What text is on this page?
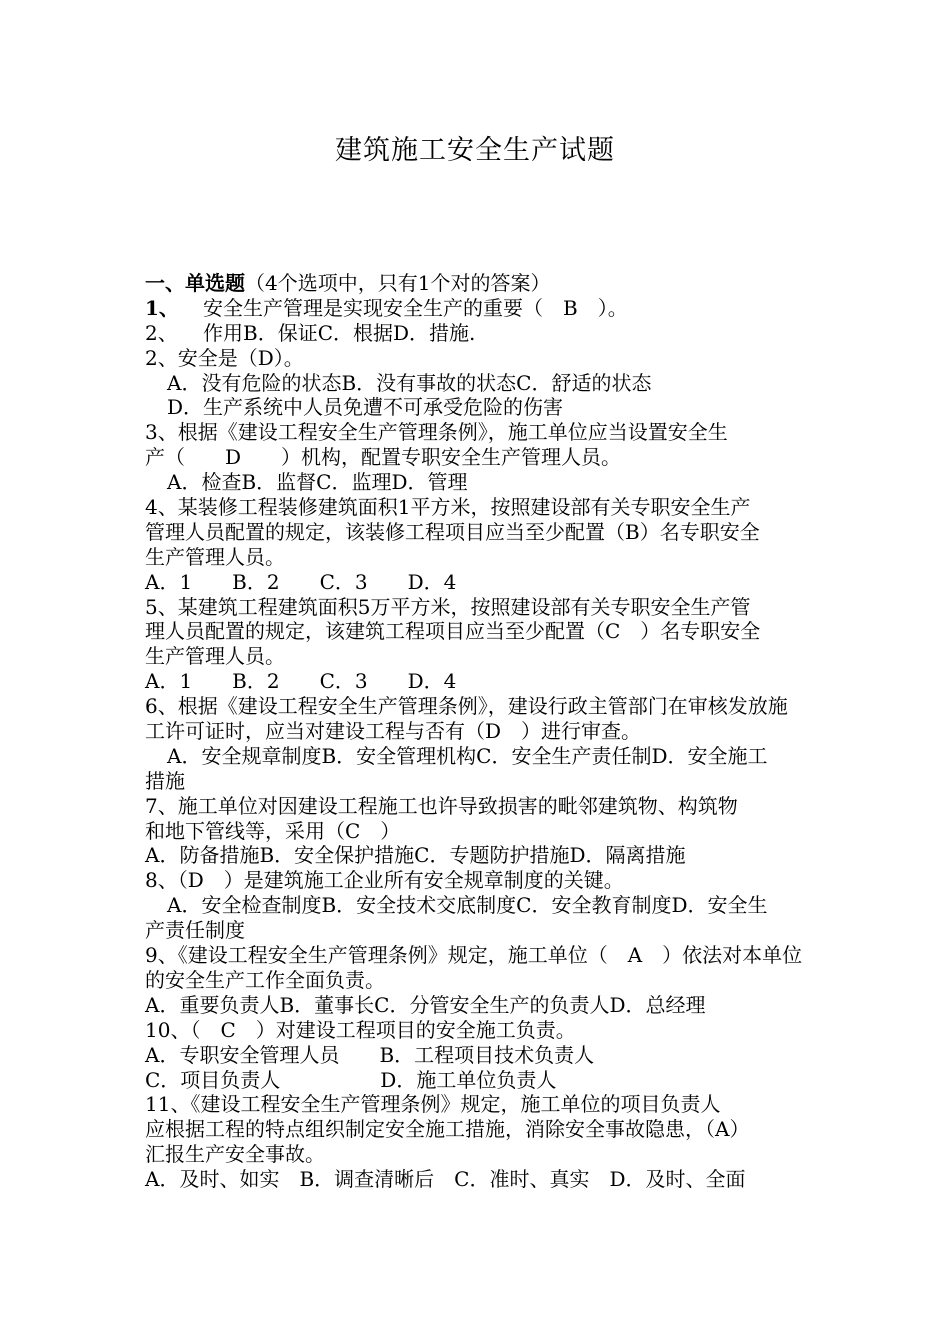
建筑施工安全生产试题
一、单选题（4个选项中，只有1个对的答案）
1、 安全生产管理是实现安全生产的重要（　B　）。
2、 作用B．保证C．根据D．措施.
2、安全是（D）。
A．没有危险的状态B．没有事故的状态C．舒适的状态
D．生产系统中人员免遭不可承受危险的伤害
3、根据《建设工程安全生产管理条例》，施工单位应当设置安全生
产（　　D　　）机构，配置专职安全生产管理人员。
A．检查B．监督C．监理D．管理
4、某装修工程装修建筑面积1平方米，按照建设部有关专职安全生产
管理人员配置的规定，该装修工程项目应当至少配置（B）名专职安全
生产管理人员。
A．1　　B．2　　C．3　　D．4
5、某建筑工程建筑面积5万平方米，按照建设部有关专职安全生产管
理人员配置的规定，该建筑工程项目应当至少配置（C　）名专职安全
生产管理人员。
A．1　　B．2　　C．3　　D．4
6、根据《建设工程安全生产管理条例》，建设行政主管部门在审核发放施
工许可证时，应当对建设工程与否有（D　）进行审查。
A．安全规章制度B．安全管理机构C．安全生产责任制D．安全施工
措施
7、施工单位对因建设工程施工也许导致损害的毗邻建筑物、构筑物
和地下管线等，采用（C　）
A．防备措施B．安全保护措施C．专题防护措施D．隔离措施
8、（D　）是建筑施工企业所有安全规章制度的关键。
A．安全检查制度B．安全技术交底制度C．安全教育制度D．安全生
产责任制度
9、《建设工程安全生产管理条例》规定，施工单位（　A　）依法对本单位
的安全生产工作全面负责。
A．重要负责人B．董事长C．分管安全生产的负责人D．总经理
10、（　C　）对建设工程项目的安全施工负责。
A．专职安全管理人员　　B．工程项目技术负责人
C．项目负责人　　　　　D．施工单位负责人
11、《建设工程安全生产管理条例》规定，施工单位的项目负责人
应根据工程的特点组织制定安全施工措施，消除安全事故隐患，（A）
汇报生产安全事故。
A．及时、如实　B．调查清晰后　C．准时、真实　D．及时、全面
